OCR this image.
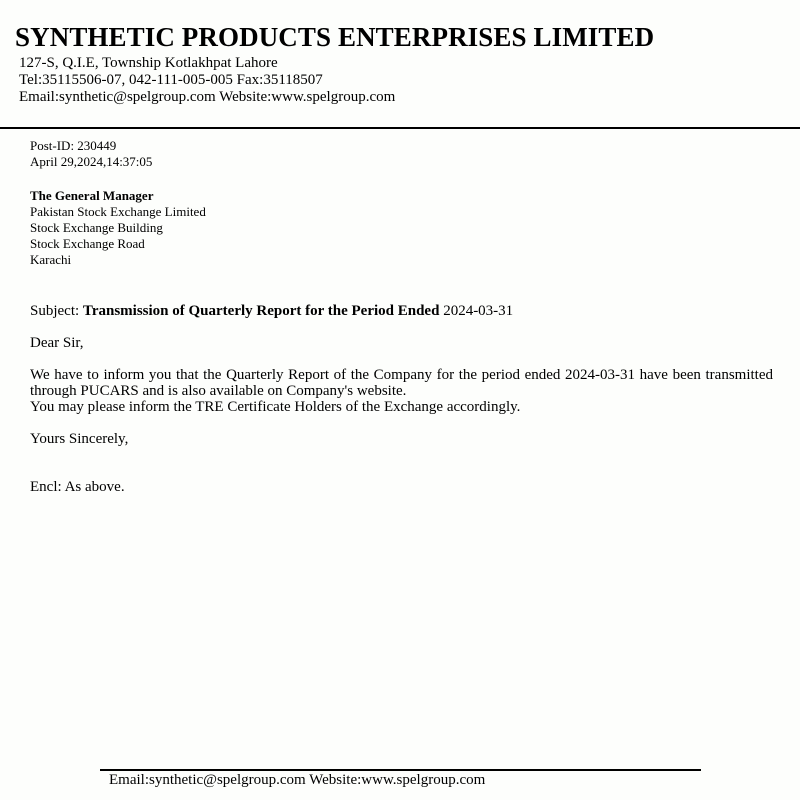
SYNTHETIC PRODUCTS ENTERPRISES LIMITED
127-S, Q.I.E, Township Kotlakhpat Lahore
Tel:35115506-07, 042-111-005-005 Fax:35118507
Email:synthetic@spelgroup.com Website:www.spelgroup.com
Post-ID: 230449
April 29,2024,14:37:05
The General Manager
Pakistan Stock Exchange Limited
Stock Exchange Building
Stock Exchange Road
Karachi
Subject: Transmission of Quarterly Report for the Period Ended 2024-03-31
Dear Sir,
We have to inform you that the Quarterly Report of the Company for the period ended 2024-03-31 have been transmitted through PUCARS and is also available on Company's website.
You may please inform the TRE Certificate Holders of the Exchange accordingly.
Yours Sincerely,
Encl: As above.
Email:synthetic@spelgroup.com Website:www.spelgroup.com
